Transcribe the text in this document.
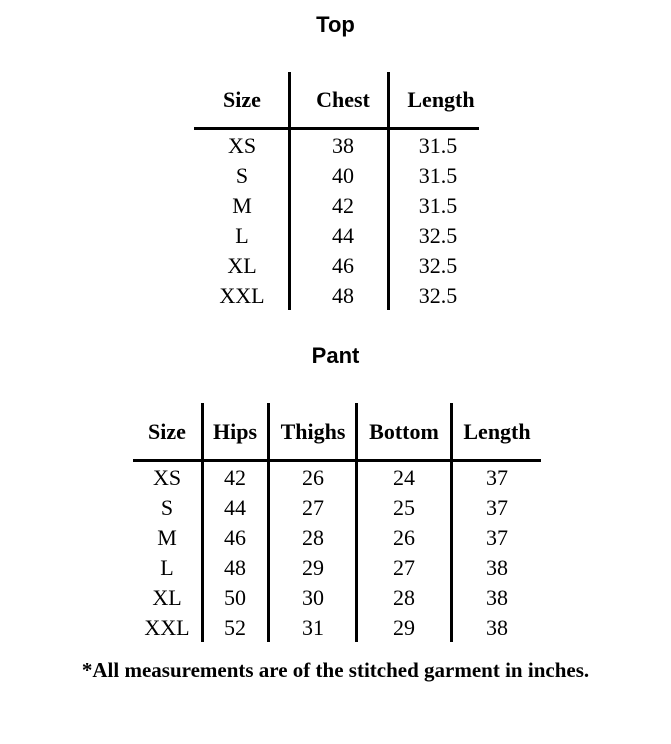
Top
Size	Chest	Length
XS	38	31.5
S	40	31.5
M	42	31.5
L	44	32.5
XL	46	32.5
XXL	48	32.5
Pant
Size	Hips	Thighs	Bottom	Length
XS	42	26	24	37
S	44	27	25	37
M	46	28	26	37
L	48	29	27	38
XL	50	30	28	38
XXL	52	31	29	38
*All measurements are of the stitched garment in inches.
